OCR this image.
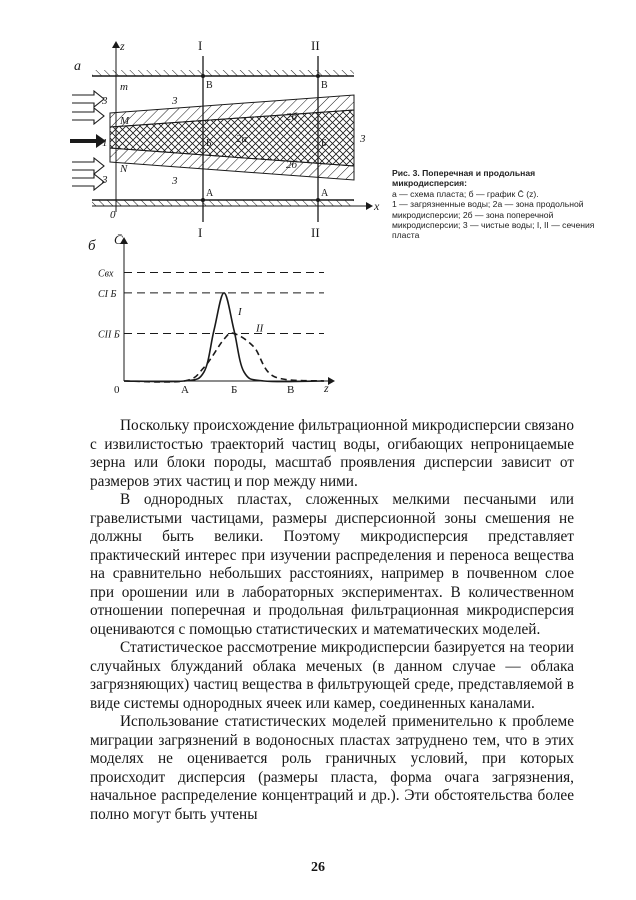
а
z
0
x
I
I
II
II
В
А
В
А
Б	Б
m
M
N
3
3
3
2а
2б
2б
3
3
1
б C̄
z
Cвх
CI Б
CII Б
0	А	Б	В
I
II
Рис. 3. Поперечная и продольная микродисперсия:
а — схема пласта; б — график C̄ (z).
1 — загрязненные воды; 2а — зона продольной микродисперсии; 2б — зона поперечной микродисперсии; 3 — чистые воды; I, II — сечения пласта

Поскольку происхождение фильтрационной микродисперсии связано с извилистостью траекторий частиц воды, огибающих непроницаемые зерна или блоки породы, масштаб проявления дисперсии зависит от размеров этих частиц и пор между ними.

В однородных пластах, сложенных мелкими песчаными или гравелистыми частицами, размеры дисперсионной зоны смешения не должны быть велики. Поэтому микродисперсия представляет практический интерес при изучении распределения и переноса вещества на сравнительно небольших расстояниях, например в почвенном слое при орошении или в лабораторных экспериментах. В количественном отношении поперечная и продольная фильтрационная микродисперсия оцениваются с помощью статистических и математических моделей.

Статистическое рассмотрение микродисперсии базируется на теории случайных блужданий облака меченых (в данном случае — облака загрязняющих) частиц вещества в фильтрующей среде, представляемой в виде системы однородных ячеек или камер, соединенных каналами.

Использование статистических моделей применительно к проблеме миграции загрязнений в водоносных пластах затруднено тем, что в этих моделях не оценивается роль граничных условий, при которых происходит дисперсия (размеры пласта, форма очага загрязнения, начальное распределение концентраций и др.). Эти обстоятельства более полно могут быть учтены

26
